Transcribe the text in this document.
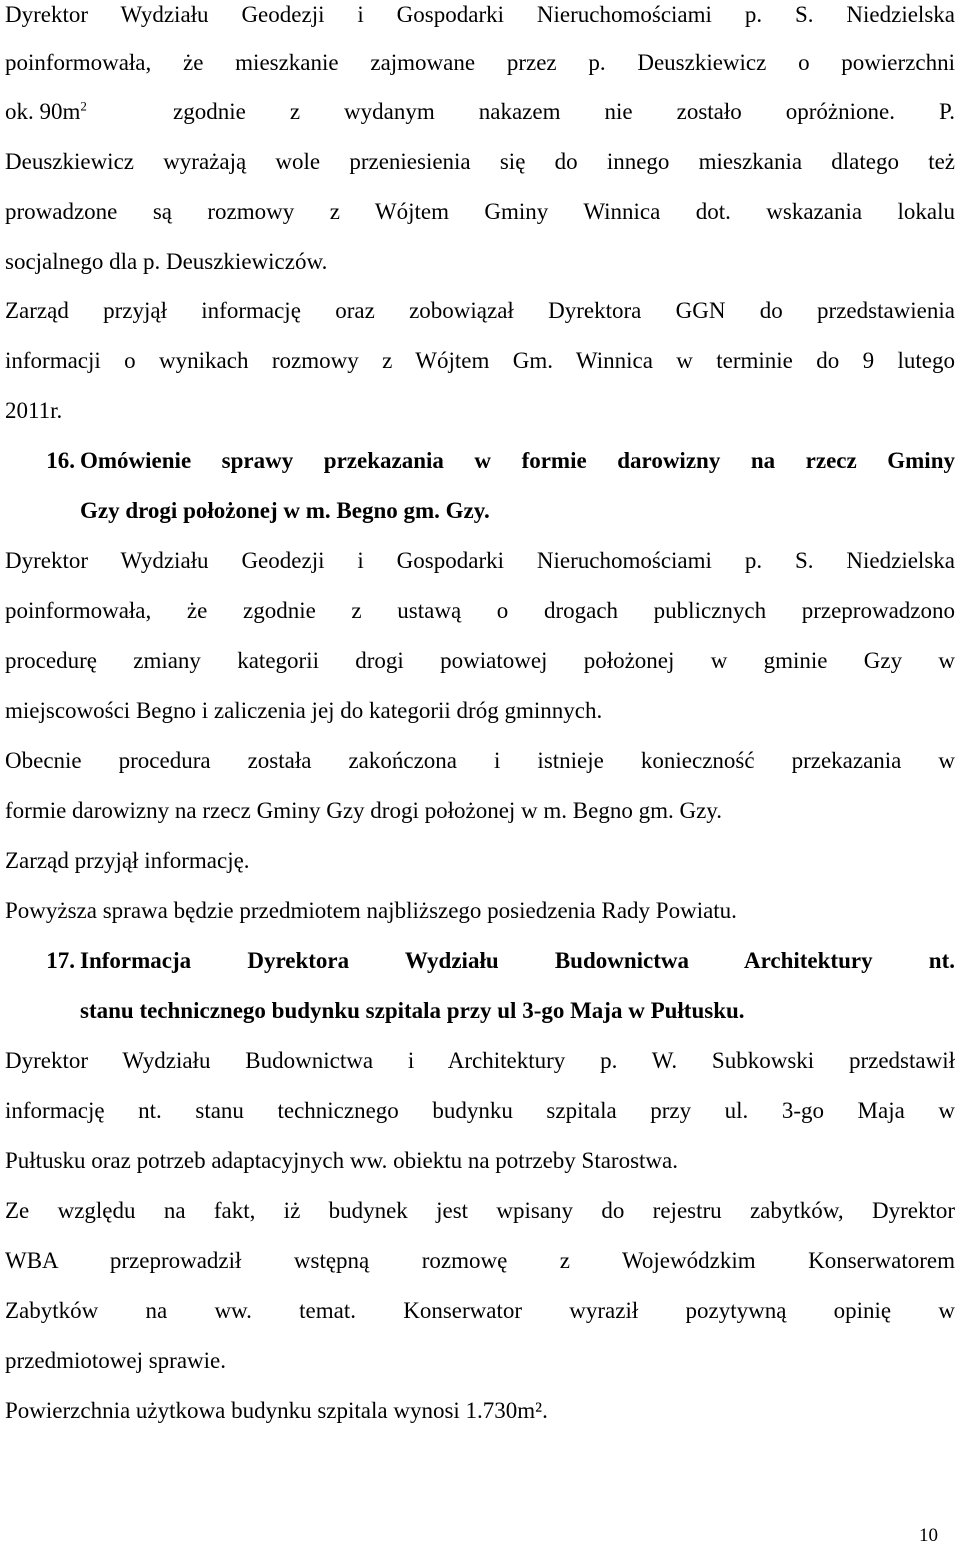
Dyrektor Wydziału Geodezji i Gospodarki Nieruchomościami p. S. Niedzielska
poinformowała, że mieszkanie zajmowane przez p. Deuszkiewicz o powierzchni
ok. $90m^2$	zgodnie z wydanym nakazem nie zostało opróżnione. P.
Deuszkiewicz wyrażają wole przeniesienia się do innego mieszkania dlatego też
prowadzone są rozmowy z Wójtem Gminy Winnica dot. wskazania lokalu
socjalnego dla p. Deuszkiewiczów.
Zarząd przyjął informację oraz zobowiązał Dyrektora GGN do przedstawienia
informacji o wynikach rozmowy z Wójtem Gm. Winnica w terminie do 9 lutego
2011r.
16. Omówienie sprawy przekazania w formie darowizny na rzecz Gminy
Gzy drogi położonej w m. Begno gm. Gzy.
Dyrektor Wydziału Geodezji i Gospodarki Nieruchomościami p. S. Niedzielska
poinformowała, że zgodnie z ustawą o drogach publicznych przeprowadzono
procedurę zmiany kategorii drogi powiatowej położonej w gminie Gzy w
miejscowości Begno i zaliczenia jej do kategorii dróg gminnych.
Obecnie procedura została zakończona i istnieje konieczność przekazania w
formie darowizny na rzecz Gminy Gzy drogi położonej w m. Begno gm. Gzy.
Zarząd przyjął informację.
Powyższa sprawa będzie przedmiotem najbliższego posiedzenia Rady Powiatu.
17. Informacja Dyrektora Wydziału Budownictwa Architektury nt.
stanu technicznego budynku szpitala przy ul 3-go Maja w Pułtusku.
Dyrektor Wydziału Budownictwa i Architektury p. W. Subkowski przedstawił
informację nt. stanu technicznego budynku szpitala przy ul. 3-go Maja w
Pułtusku oraz potrzeb adaptacyjnych ww. obiektu na potrzeby Starostwa.
Ze względu na fakt, iż budynek jest wpisany do rejestru zabytków, Dyrektor
WBA przeprowadził wstępną rozmowę z Wojewódzkim Konserwatorem
Zabytków na ww. temat. Konserwator wyraził pozytywną opinię w
przedmiotowej sprawie.
Powierzchnia użytkowa budynku szpitala wynosi 1.730m².
10
